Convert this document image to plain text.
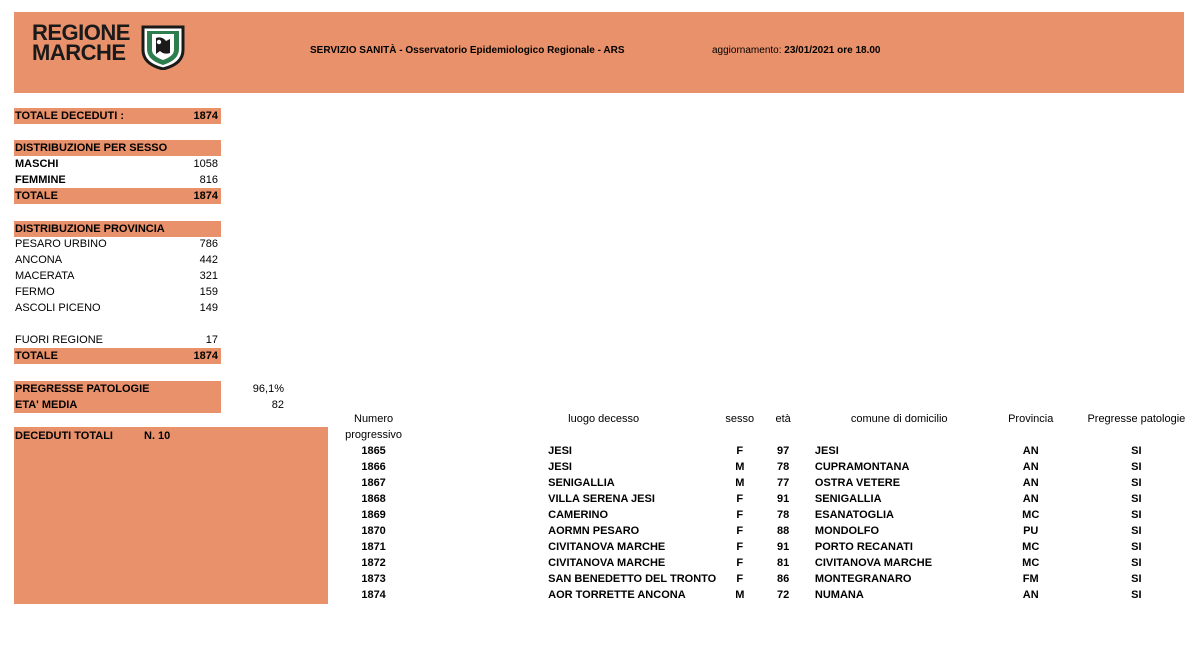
REGIONE
MARCHE	SERVIZIO SANITÀ - Osservatorio Epidemiologico Regionale - ARS	aggiornamento: 23/01/2021 ore 18.00
TOTALE DECEDUTI :	1874
DISTRIBUZIONE PER SESSO
MASCHI	1058
FEMMINE	816
TOTALE	1874
DISTRIBUZIONE PROVINCIA
PESARO URBINO	786
ANCONA	442
MACERATA	321
FERMO	159
ASCOLI PICENO	149
FUORI REGIONE	17
TOTALE	1874
PREGRESSE PATOLOGIE	96,1%
ETA' MEDIA	82
DECEDUTI TOTALI	N. 10
Numero
progressivo	luogo decesso	sesso	età	comune di domicilio	Provincia	Pregresse patologie
1865	JESI	F	97	JESI	AN	SI
1866	JESI	M	78	CUPRAMONTANA	AN	SI
1867	SENIGALLIA	M	77	OSTRA VETERE	AN	SI
1868	VILLA SERENA JESI	F	91	SENIGALLIA	AN	SI
1869	CAMERINO	F	78	ESANATOGLIA	MC	SI
1870	AORMN PESARO	F	88	MONDOLFO	PU	SI
1871	CIVITANOVA MARCHE	F	91	PORTO RECANATI	MC	SI
1872	CIVITANOVA MARCHE	F	81	CIVITANOVA MARCHE	MC	SI
1873	SAN BENEDETTO DEL TRONTO	F	86	MONTEGRANARO	FM	SI
1874	AOR TORRETTE ANCONA	M	72	NUMANA	AN	SI
